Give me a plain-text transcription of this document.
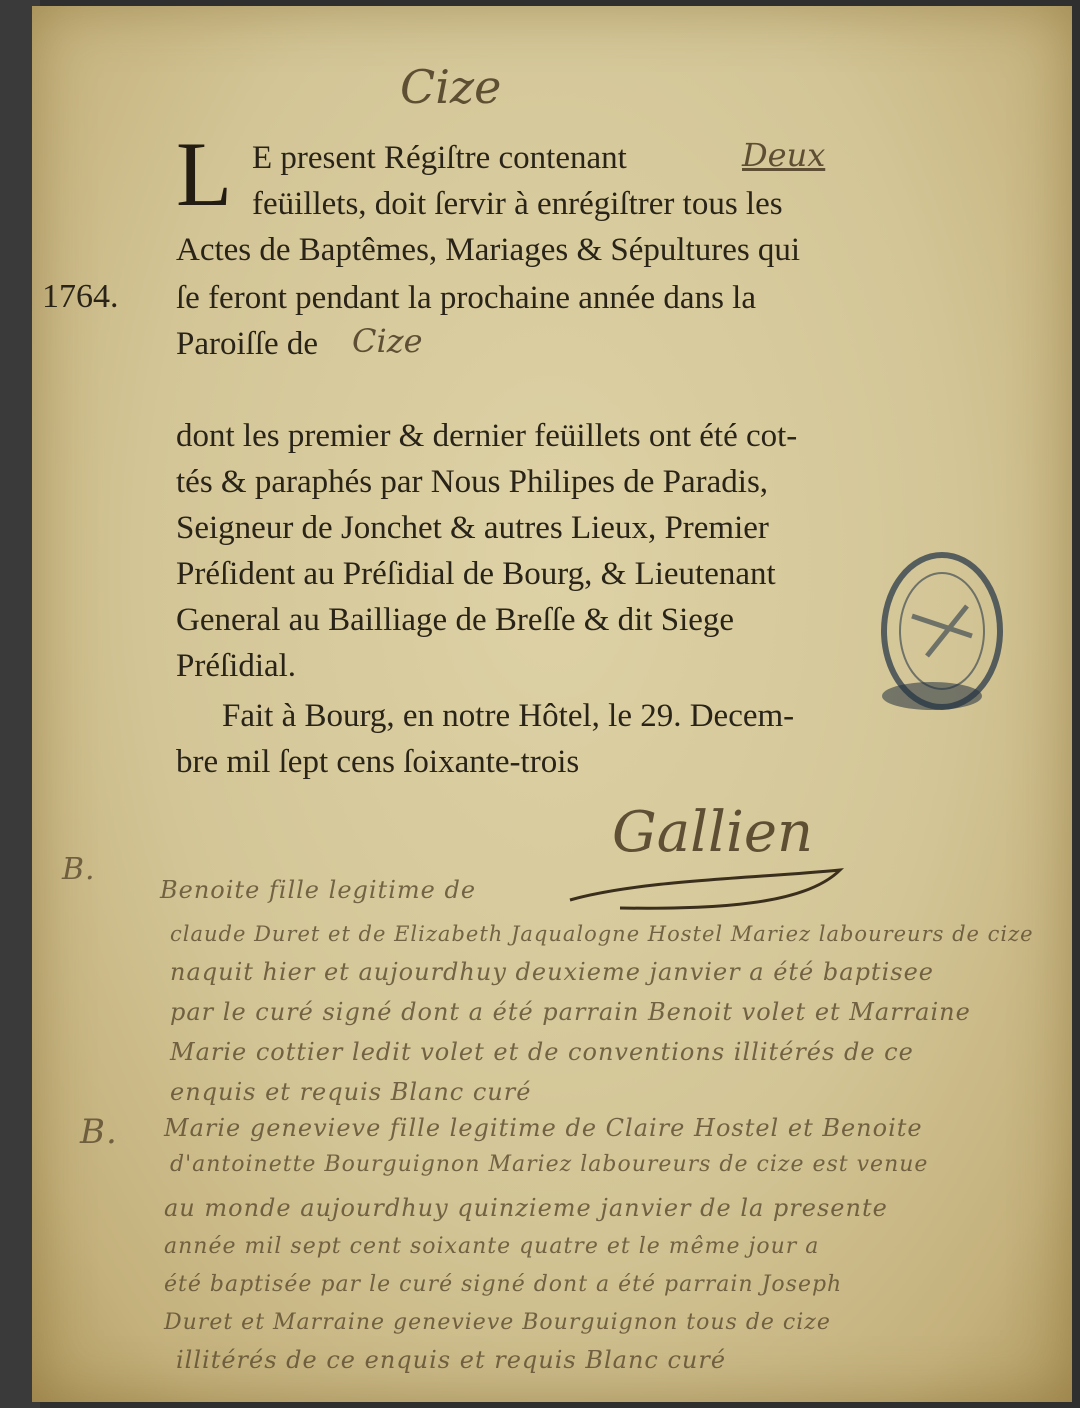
Cize
L E present Régiſtre contenant	Deux
feüillets, doit ſervir à enrégiſtrer tous les
Actes de Baptêmes, Mariages & Sépultures qui
1764. ſe feront pendant la prochaine année dans la
Paroiſſe de Cize
dont les premier & dernier feüillets ont été cot-
tés & paraphés par Nous Philipes de Paradis,
Seigneur de Jonchet & autres Lieux, Premier
Préſident au Préſidial de Bourg, & Lieutenant
General au Bailliage de Breſſe & dit Siege
Préſidial.
Fait à Bourg, en notre Hôtel, le 29. Decem-
bre mil ſept cens ſoixante-trois
Gallien
B.
Benoite fille legitime de
claude Duret et de Elizabeth Jaqualogne Hostel Mariez laboureurs de cize
naquit hier et aujourdhuy deuxieme janvier a été baptisee
par le curé signé dont a été parrain Benoit volet et Marraine
Marie cottier ledit volet et de conventions illitérés de ce
enquis et requis Blanc curé
B. Marie genevieve fille legitime de Claire Hostel et Benoite
d'antoinette Bourguignon Mariez laboureurs de cize est venue
au monde aujourdhuy quinzieme janvier de la presente
année mil sept cent soixante quatre et le même jour a
été baptisée par le curé signé dont a été parrain Joseph
Duret et Marraine genevieve Bourguignon tous de cize
illitérés de ce enquis et requis Blanc curé
